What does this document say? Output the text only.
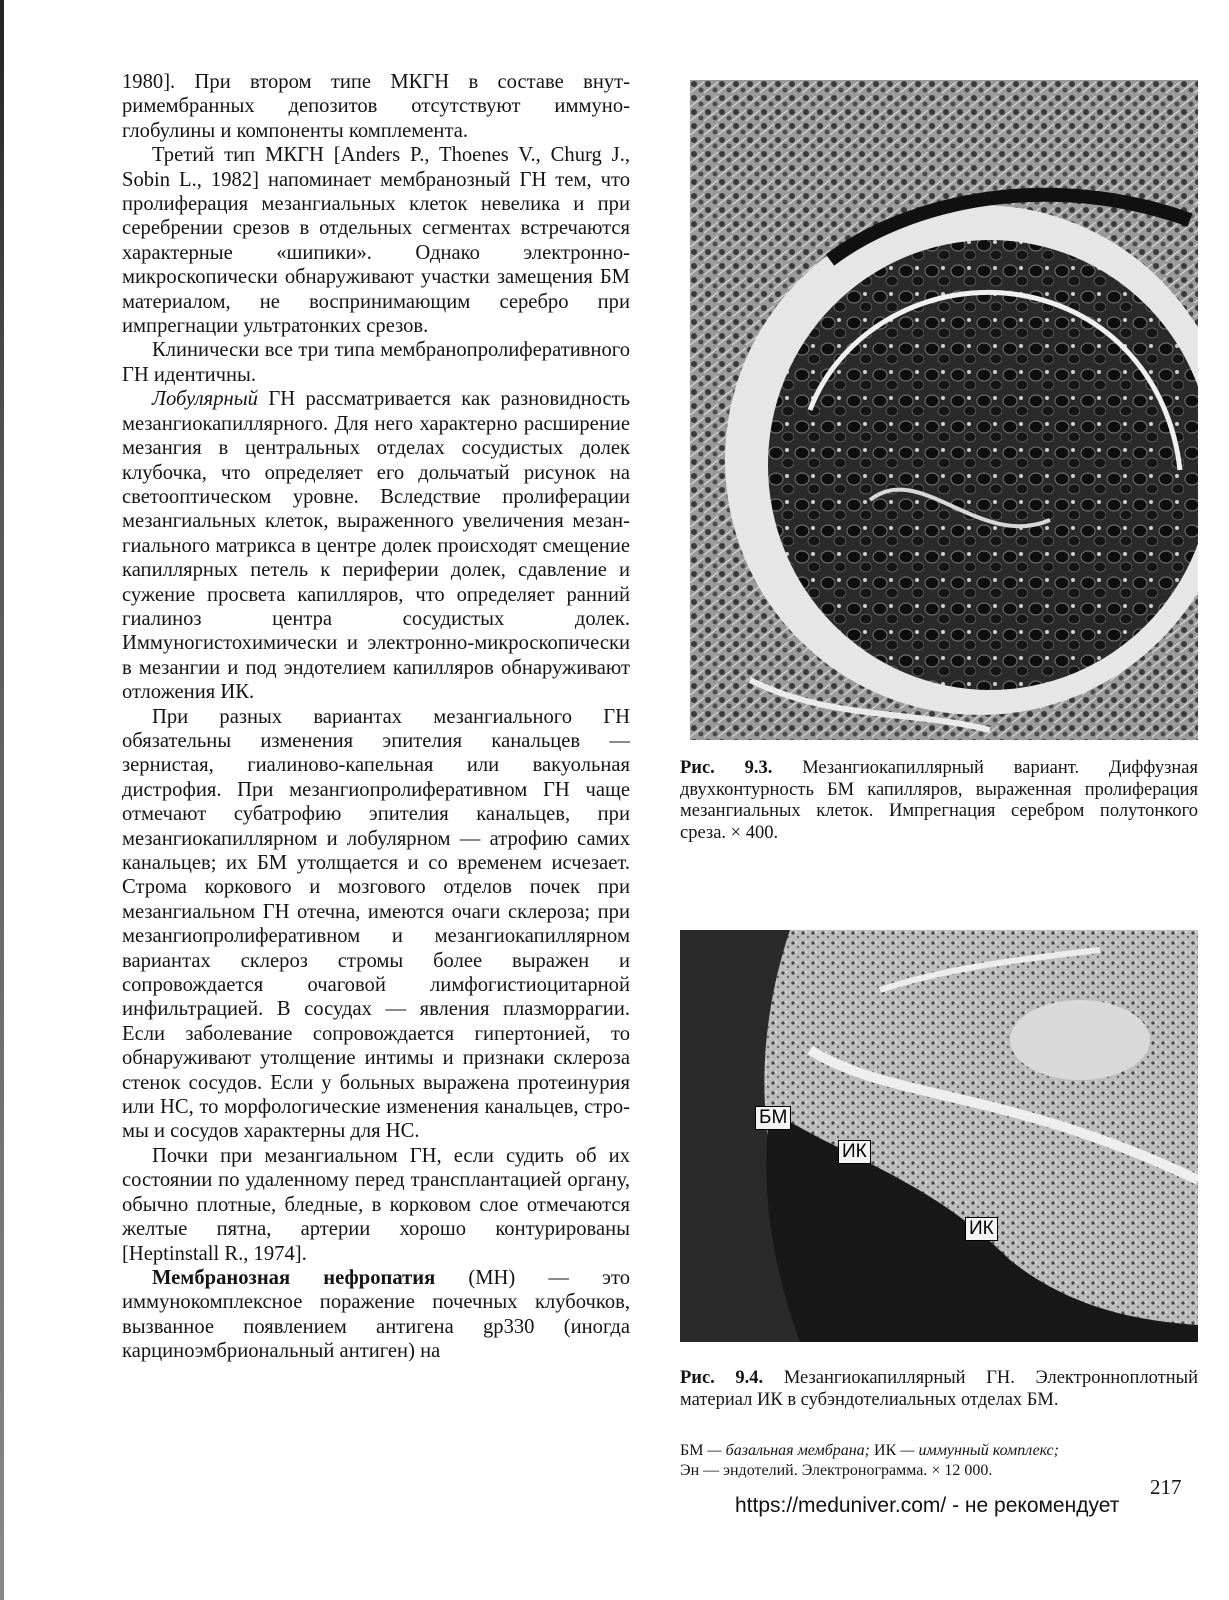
1980]. При втором типе МКГН в составе внутримембранных депозитов отсутствуют иммуноглобулины и компоненты комплемента.

Третий тип МКГН [Anders P., Thoenes V., Churg J., Sobin L., 1982] напоминает мембранозный ГН тем, что пролиферация мезангиальных клеток невелика и при серебрении срезов в отдельных сегментах встречаются характерные «шипики». Однако электронно-микроскопически обнаруживают участки замещения БМ материалом, не воспринимающим серебро при импрегнации ультратонких срезов.

Клинически все три типа мембранопролиферативного ГН идентичны.

Лобулярный ГН рассматривается как разновидность мезангиокапиллярного. Для него характерно расширение мезангия в центральных отделах сосудистых долек клубочка, что определяет его дольчатый рисунок на светооптическом уровне. Вследствие пролиферации мезангиальных клеток, выраженного увеличения мезангиального матрикса в центре долек происходят смещение капиллярных петель к периферии долек, сдавление и сужение просвета капилляров, что определяет ранний гиалиноз центра сосудистых долек. Иммуногистохимически и электронно-микроскопически в мезангии и под эндотелием капилляров обнаруживают отложения ИК.

При разных вариантах мезангиального ГН обязательны изменения эпителия канальцев — зернистая, гиалиново-капельная или вакуольная дистрофия. При мезангиопролиферативном ГН чаще отмечают субатрофию эпителия канальцев, при мезангиокапиллярном и лобулярном — атрофию самих канальцев; их БМ утолщается и со временем исчезает. Строма коркового и мозгового отделов почек при мезангиальном ГН отечна, имеются очаги склероза; при мезангиопролиферативном и мезангиокапиллярном вариантах склероз стромы более выражен и сопровождается очаговой лимфогистиоцитарной инфильтрацией. В сосудах — явления плазморрагии. Если заболевание сопровождается гипертонией, то обнаруживают утолщение интимы и признаки склероза стенок сосудов. Если у больных выражена протеинурия или НС, то морфологические изменения канальцев, стромы и сосудов характерны для НС.

Почки при мезангиальном ГН, если судить об их состоянии по удаленному перед трансплантацией органу, обычно плотные, бледные, в корковом слое отмечаются желтые пятна, артерии хорошо контурированы [Heptinstall R., 1974].

Мембранозная нефропатия (МН) — это иммунокомплексное поражение почечных клубочков, вызванное появлением антигена gp330 (иногда карциноэмбриональный антиген) на

Рис. 9.3. Мезангиокапиллярный вариант. Диффузная двухконтурность БМ капилляров, выраженная пролиферация мезангиальных клеток. Импрегнация серебром полутонкого среза. × 400.
БМ
ИК
ИК
Рис. 9.4. Мезангиокапиллярный ГН. Электронноплотный материал ИК в субэндотелиальных отделах БМ.
БМ — базальная мембрана; ИК — иммунный комплекс;
Эн — эндотелий. Электронограмма. × 12 000.
217
https://meduniver.com/ - не рекомендует
